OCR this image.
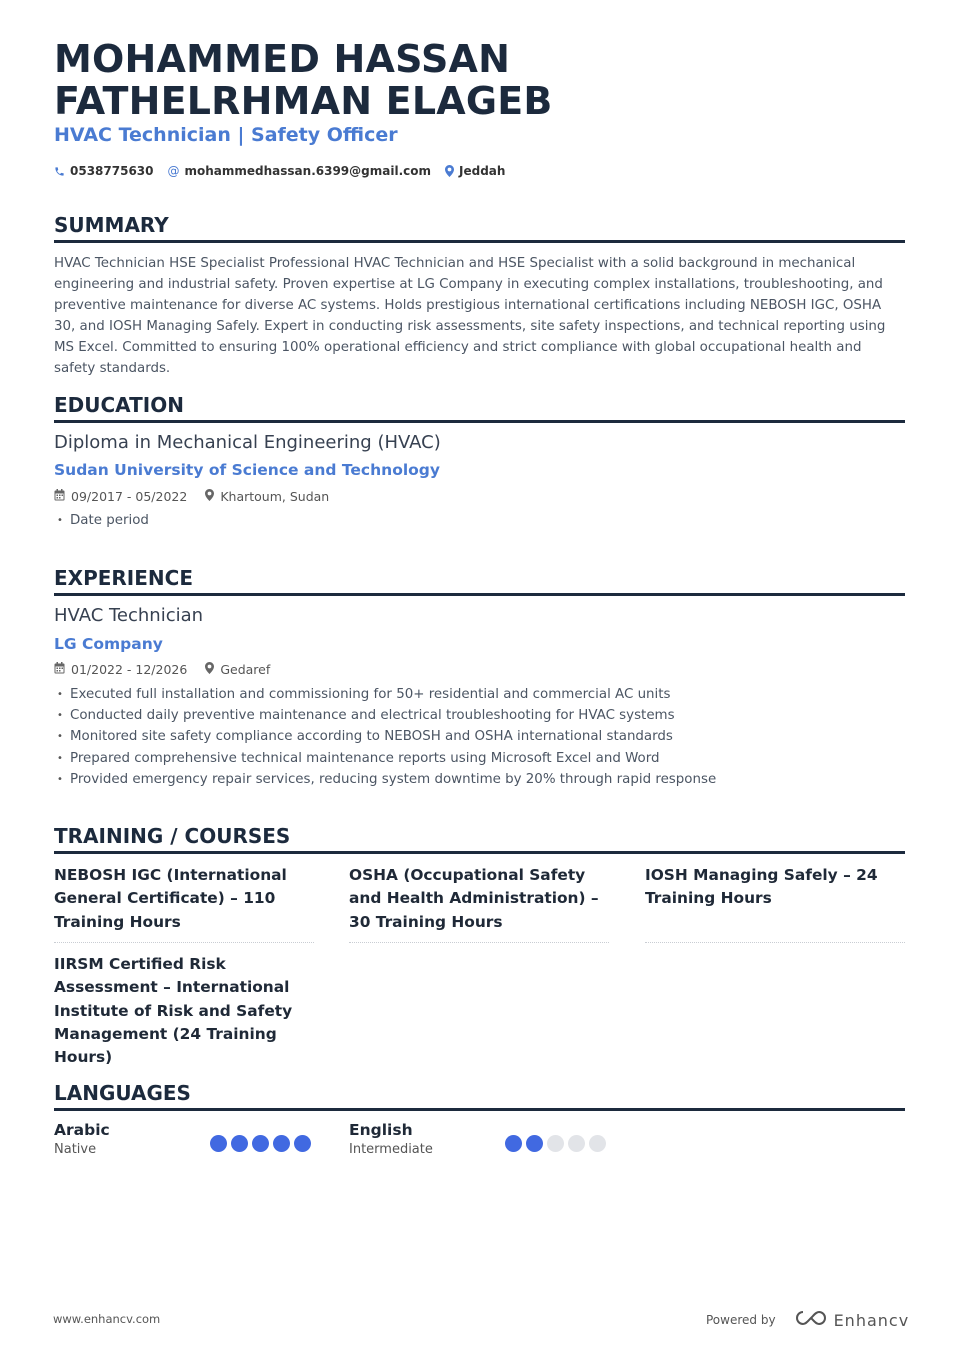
MOHAMMED HASSAN
FATHELRHMAN ELAGEB
HVAC Technician | Safety Officer
0538775630 @ mohammedhassan.6399@gmail.com Jeddah
SUMMARY
HVAC Technician HSE Specialist Professional HVAC Technician and HSE Specialist with a solid background in mechanical engineering and industrial safety. Proven expertise at LG Company in executing complex installations, troubleshooting, and preventive maintenance for diverse AC systems. Holds prestigious international certifications including NEBOSH IGC, OSHA 30, and IOSH Managing Safely. Expert in conducting risk assessments, site safety inspections, and technical reporting using MS Excel. Committed to ensuring 100% operational efficiency and strict compliance with global occupational health and safety standards.
EDUCATION
Diploma in Mechanical Engineering (HVAC)
Sudan University of Science and Technology
09/2017 - 05/2022	Khartoum, Sudan
• Date period
EXPERIENCE
HVAC Technician
LG Company
01/2022 - 12/2026	Gedaref
• Executed full installation and commissioning for 50+ residential and commercial AC units
• Conducted daily preventive maintenance and electrical troubleshooting for HVAC systems
• Monitored site safety compliance according to NEBOSH and OSHA international standards
• Prepared comprehensive technical maintenance reports using Microsoft Excel and Word
• Provided emergency repair services, reducing system downtime by 20% through rapid response
TRAINING / COURSES
NEBOSH IGC (International General Certificate) – 110 Training Hours
OSHA (Occupational Safety and Health Administration) – 30 Training Hours
IOSH Managing Safely – 24 Training Hours
IIRSM Certified Risk Assessment – International Institute of Risk and Safety Management (24 Training Hours)
LANGUAGES
Arabic
Native
English
Intermediate
www.enhancv.com	Powered by	Enhancv
